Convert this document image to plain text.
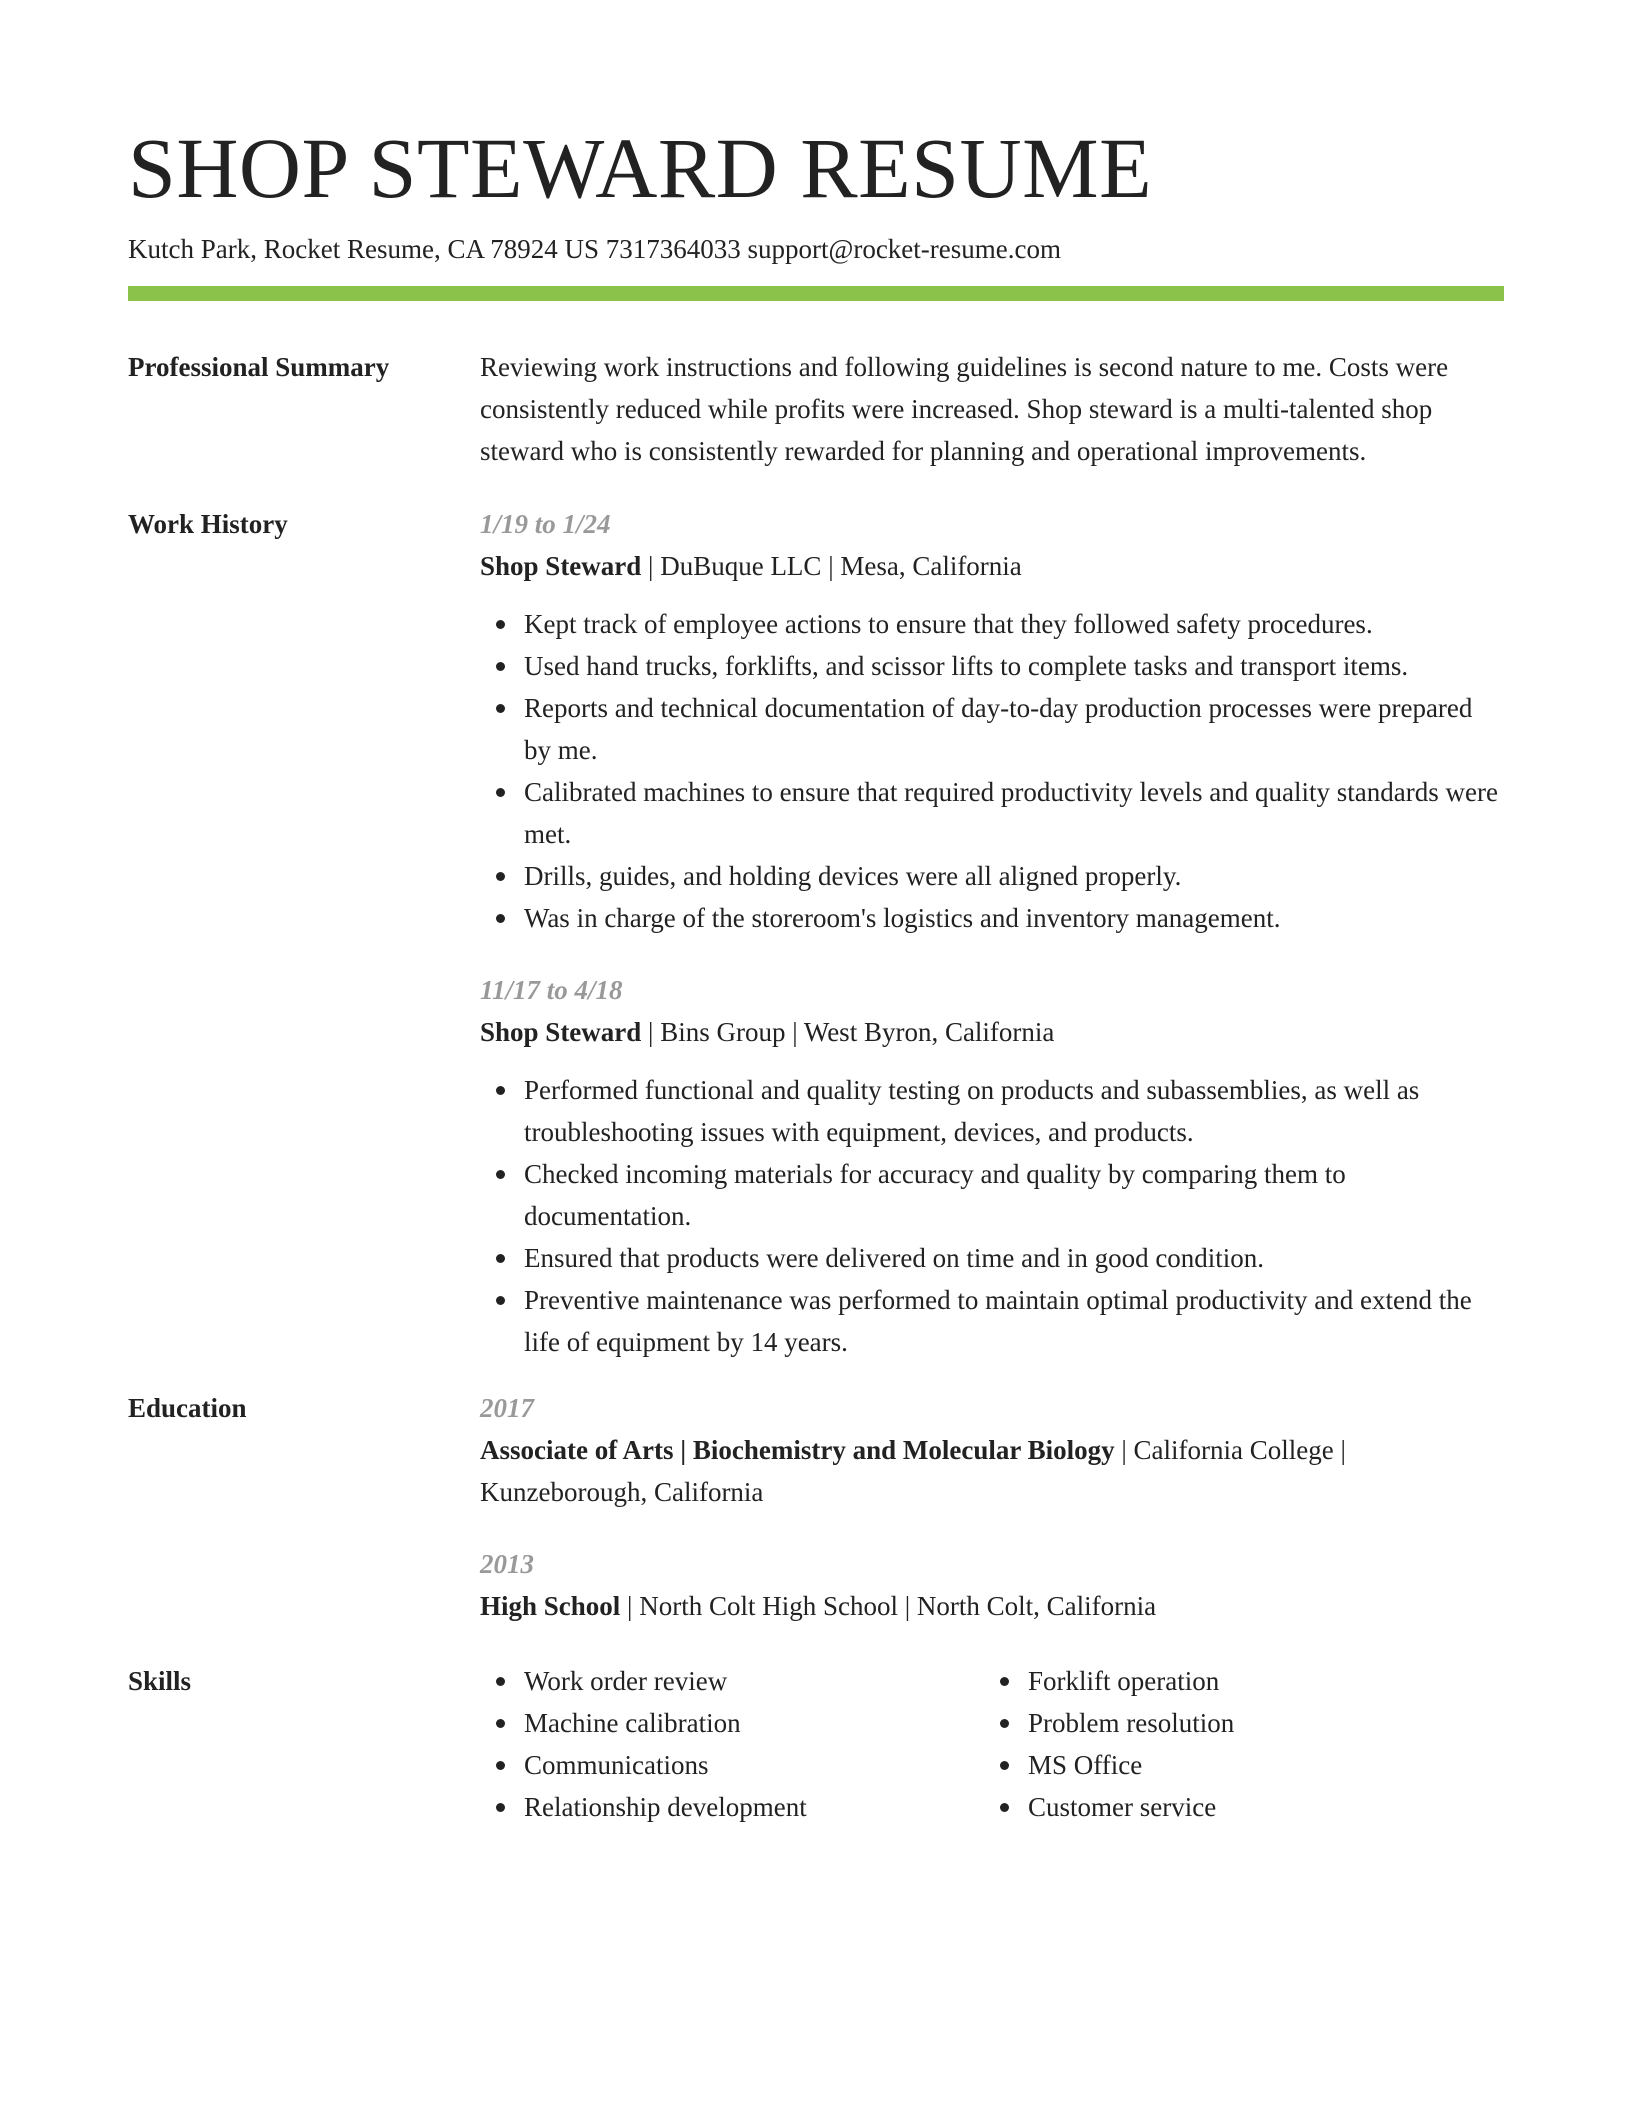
SHOP STEWARD RESUME
Kutch Park, Rocket Resume, CA 78924 US 7317364033 support@rocket-resume.com
Professional Summary	Reviewing work instructions and following guidelines is second nature to me. Costs were consistently reduced while profits were increased. Shop steward is a multi-talented shop steward who is consistently rewarded for planning and operational improvements.

Work History	1/19 to 1/24
Shop Steward | DuBuque LLC | Mesa, California
Kept track of employee actions to ensure that they followed safety procedures.
Used hand trucks, forklifts, and scissor lifts to complete tasks and transport items.
Reports and technical documentation of day-to-day production processes were prepared by me.
Calibrated machines to ensure that required productivity levels and quality standards were met.
Drills, guides, and holding devices were all aligned properly.
Was in charge of the storeroom's logistics and inventory management.
11/17 to 4/18
Shop Steward | Bins Group | West Byron, California
Performed functional and quality testing on products and subassemblies, as well as troubleshooting issues with equipment, devices, and products.
Checked incoming materials for accuracy and quality by comparing them to documentation.
Ensured that products were delivered on time and in good condition.
Preventive maintenance was performed to maintain optimal productivity and extend the life of equipment by 14 years.
Education	2017
Associate of Arts | Biochemistry and Molecular Biology | California College | Kunzeborough, California
2013
High School | North Colt High School | North Colt, California
Skills	Work order review
Machine calibration
Communications
Relationship development
Forklift operation
Problem resolution
MS Office
Customer service
